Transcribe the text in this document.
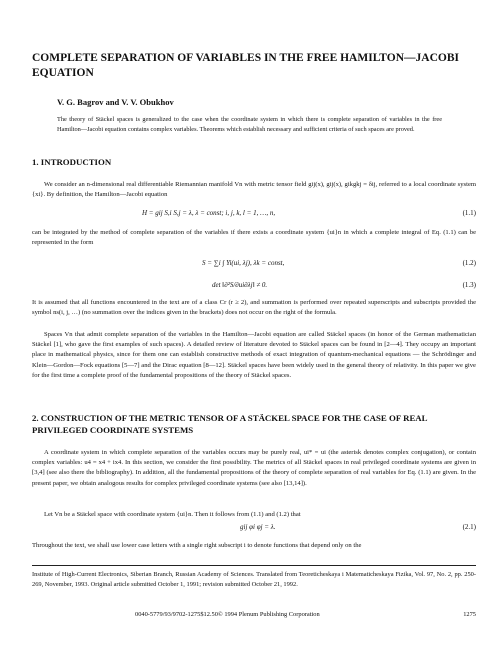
COMPLETE SEPARATION OF VARIABLES IN THE FREE HAMILTON—JACOBI EQUATION

V. G. Bagrov and V. V. Obukhov

The theory of Stäckel spaces is generalized to the case when the coordinate system in which there is complete separation of variables in the free Hamilton—Jacobi equation contains complex variables. Theorems which establish necessary and sufficient criteria of such spaces are proved.

1. INTRODUCTION

We consider an n-dimensional real differentiable Riemannian manifold Vn with metric tensor field gij(x), gij(x), gikgkj = δij, referred to a local coordinate system {xi}. By definition, the Hamilton—Jacobi equation

H = gij S,i S,j = λ, λ = const; i, j, k, l = 1, …, n,	(1.1)

can be integrated by the method of complete separation of the variables if there exists a coordinate system {ui}n in which a complete integral of Eq. (1.1) can be represented in the form

S = ∑i ∫ Yi(ui, λj), λk = const,	(1.2)
det ‖∂²S/∂ui∂λj‖ ≠ 0.	(1.3)

It is assumed that all functions encountered in the text are of a class Cr (r ≥ 2), and summation is performed over repeated superscripts and subscripts provided the symbol ns(i, j, …) (no summation over the indices given in the brackets) does not occur on the right of the formula.

Spaces Vn that admit complete separation of the variables in the Hamilton—Jacobi equation are called Stäckel spaces (in honor of the German mathematician Stäckel [1], who gave the first examples of such spaces). A detailed review of literature devoted to Stäckel spaces can be found in [2—4]. They occupy an important place in mathematical physics, since for them one can establish constructive methods of exact integration of quantum-mechanical equations — the Schrödinger and Klein—Gordon—Fock equations [5—7] and the Dirac equation [8—12]. Stäckel spaces have been widely used in the general theory of relativity. In this paper we give for the first time a complete proof of the fundamental propositions of the theory of Stäckel spaces.

2. CONSTRUCTION OF THE METRIC TENSOR OF A STÄCKEL SPACE FOR THE CASE OF REAL PRIVILEGED COORDINATE SYSTEMS

A coordinate system in which complete separation of the variables occurs may be purely real, ui* = ui (the asterisk denotes complex conjugation), or contain complex variables: u4 = x4 + ix4. In this section, we consider the first possibility. The metrics of all Stäckel spaces in real privileged coordinate systems are given in [3,4] (see also there the bibliography). In addition, all the fundamental propositions of the theory of complete separation of real variables for Eq. (1.1) are given. In the present paper, we obtain analogous results for complex privileged coordinate systems (see also [13,14]).

Let Vn be a Stäckel space with coordinate system {ui}n. Then it follows from (1.1) and (1.2) that

gij φi φj = λ.	(2.1)

Throughout the text, we shall use lower case letters with a single right subscript i to denote functions that depend only on the

Institute of High-Current Electronics, Siberian Branch, Russian Academy of Sciences. Translated from Teoreticheskaya i Matematicheskaya Fizika, Vol. 97, No. 2, pp. 250-269, November, 1993. Original article submitted October 1, 1991; revision submitted October 21, 1992.

0040-5779/93/9702-1275$12.50© 1994 Plenum Publishing Corporation	1275
